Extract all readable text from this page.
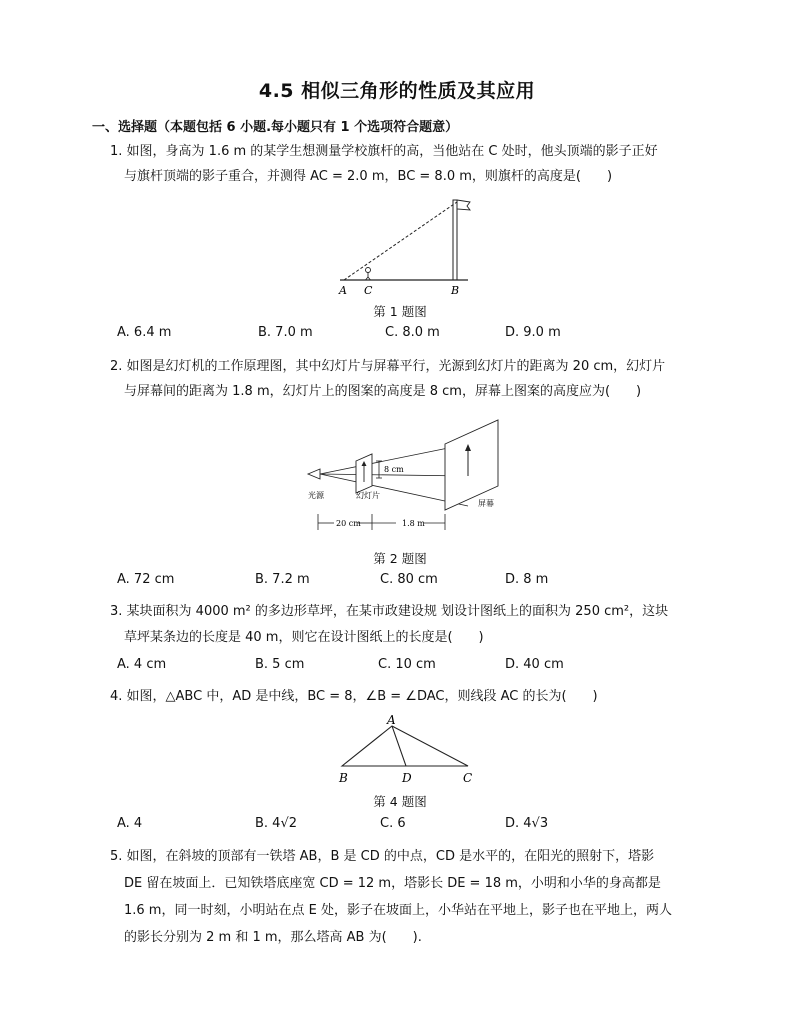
4.5 相似三角形的性质及其应用
一、选择题（本题包括 6 小题.每小题只有 1 个选项符合题意）
1. 如图，身高为 1.6 m 的某学生想测量学校旗杆的高，当他站在 C 处时，他头顶端的影子正好
与旗杆顶端的影子重合，并测得 AC = 2.0 m，BC = 8.0 m，则旗杆的高度是(　　)
A C	B
第 1 题图
A. 6.4 m	B. 7.0 m	C. 8.0 m	D. 9.0 m
2. 如图是幻灯机的工作原理图，其中幻灯片与屏幕平行，光源到幻灯片的距离为 20 cm，幻灯片
与屏幕间的距离为 1.8 m，幻灯片上的图案的高度是 8 cm，屏幕上图案的高度应为(　　)
8 cm
光源	幻灯片
屏幕
20 cm	1.8 m
第 2 题图
A. 72 cm	B. 7.2 m	C. 80 cm	D. 8 m
3. 某块面积为 4000 m² 的多边形草坪，在某市政建设规 划设计图纸上的面积为 250 cm²，这块
草坪某条边的长度是 40 m，则它在设计图纸上的长度是(　　)
A. 4 cm	B. 5 cm	C. 10 cm	D. 40 cm
4. 如图，△ABC 中，AD 是中线，BC = 8，∠B = ∠DAC，则线段 AC 的长为(　　)
A
B	D	C
第 4 题图
A. 4	B. 4√2	C. 6	D. 4√3
5. 如图，在斜坡的顶部有一铁塔 AB，B 是 CD 的中点，CD 是水平的，在阳光的照射下，塔影
DE 留在坡面上．已知铁塔底座宽 CD = 12 m，塔影长 DE = 18 m，小明和小华的身高都是
1.6 m，同一时刻，小明站在点 E 处，影子在坡面上，小华站在平地上，影子也在平地上，两人
的影长分别为 2 m 和 1 m，那么塔高 AB 为(　　).
